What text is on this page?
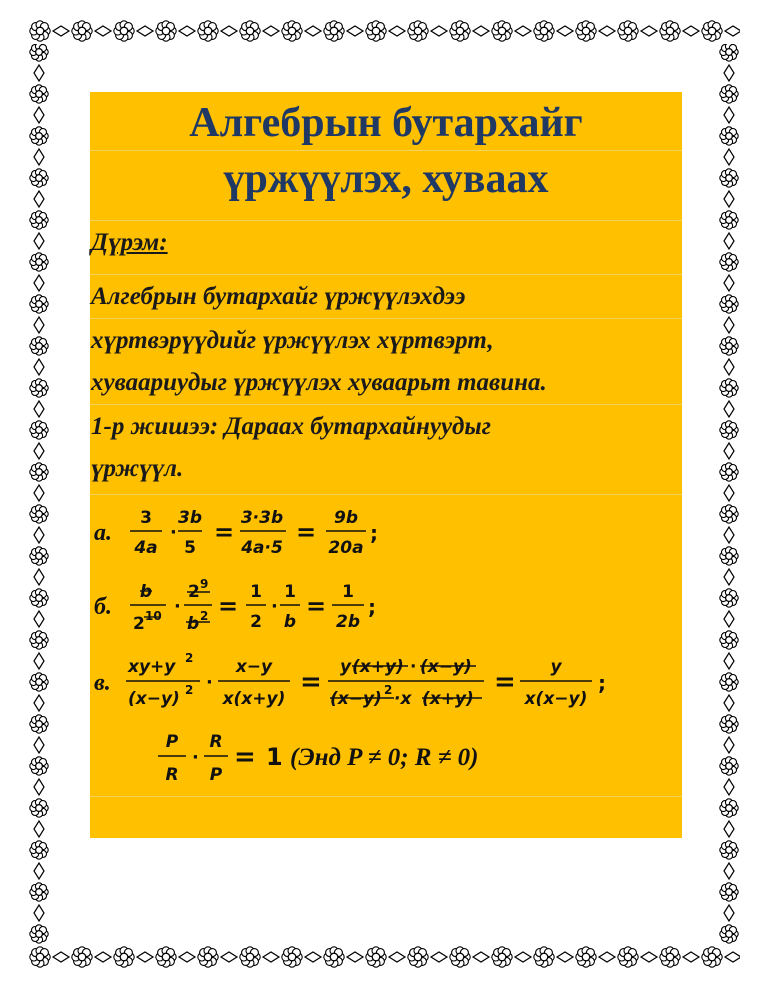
Алгебрын бутархайг
үржүүлэх, хуваах
Дүрэм:
Алгебрын бутархайг үржүүлэхдээ
хүртвэрүүдийг үржүүлэх хүртвэрт,
хуваариудыг үржүүлэх хуваарьт тавина.
1-р жишээ: Дараах бутархайнуудыг
үржүүл.
а.
3
4a
·
3b
5
= 3·3b
4a·5
= 9b
20a
;
б.
b
2 10 ·
2 9
b 2 = 1
2
·
1
b
= 1
2b
;
в.
xy+y 2
(x−y) 2 ·
x−y
x(x+y)
= y (x+y) · (x−y)
(x−y) 2 ·x (x+y)
= y
x(x−y)
;
P
R
·
R
P
= 1 (Энд P ≠ 0; R ≠ 0)
